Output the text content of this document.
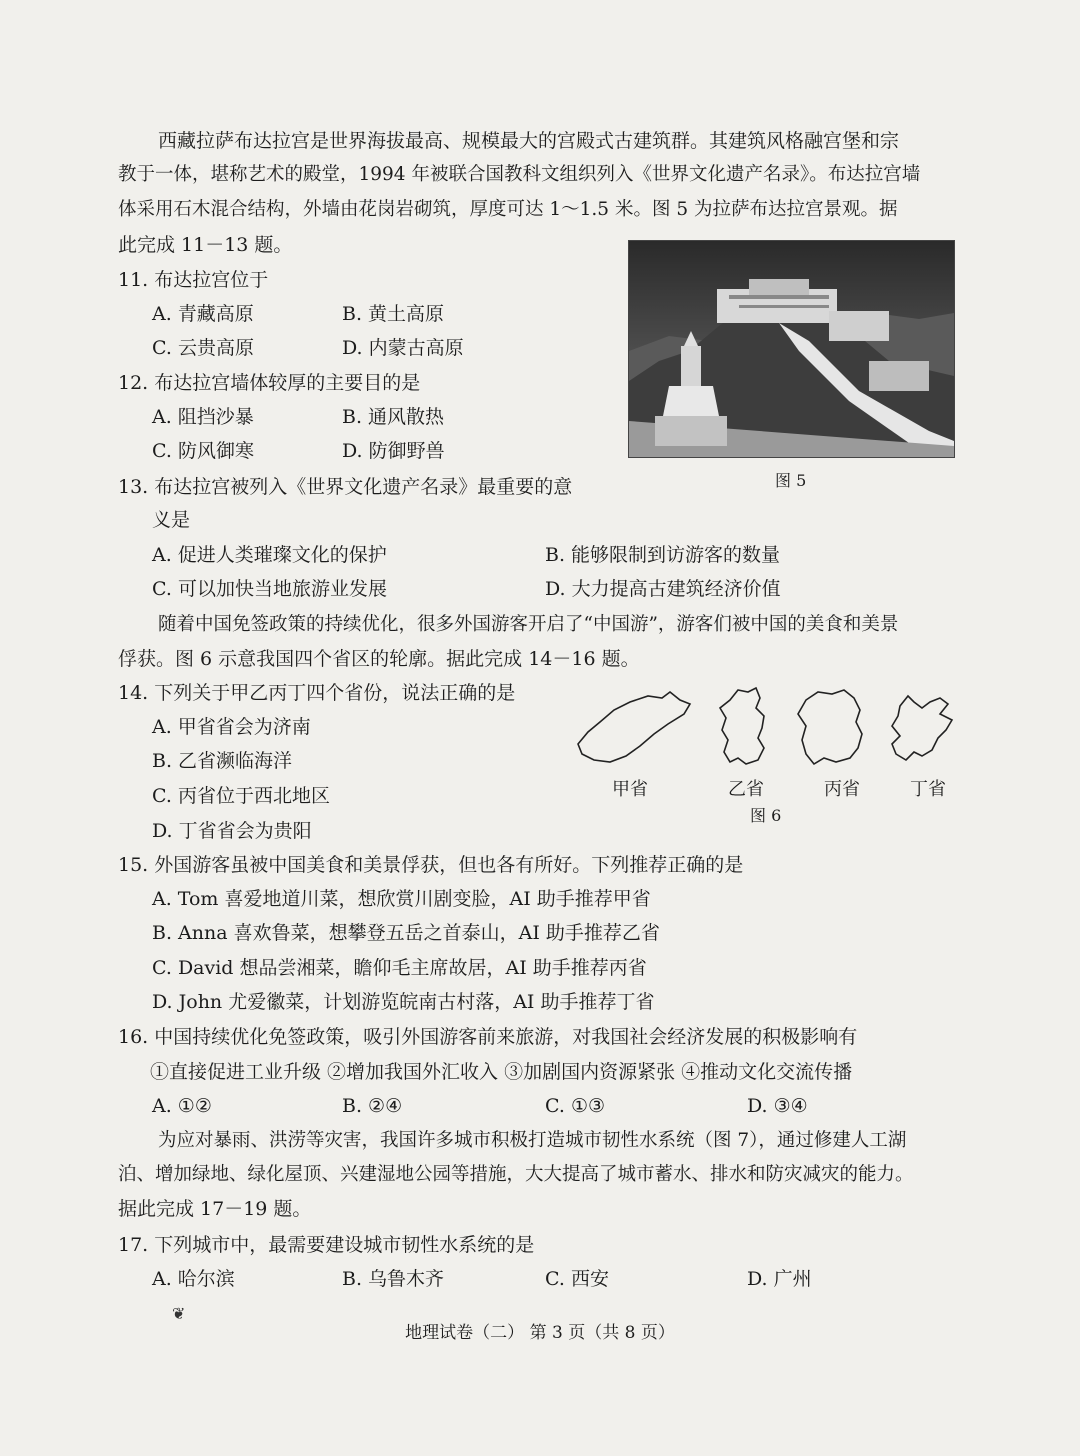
西藏拉萨布达拉宫是世界海拔最高、规模最大的宫殿式古建筑群。其建筑风格融宫堡和宗
教于一体，堪称艺术的殿堂，1994 年被联合国教科文组织列入《世界文化遗产名录》。布达拉宫墙
体采用石木混合结构，外墙由花岗岩砌筑，厚度可达 1～1.5 米。图 5 为拉萨布达拉宫景观。据
此完成 11－13 题。
图 5
11. 布达拉宫位于
A. 青藏高原	B. 黄土高原
C. 云贵高原	D. 内蒙古高原
12. 布达拉宫墙体较厚的主要目的是
A. 阻挡沙暴	B. 通风散热
C. 防风御寒	D. 防御野兽
13. 布达拉宫被列入《世界文化遗产名录》最重要的意
义是
A. 促进人类璀璨文化的保护	B. 能够限制到访游客的数量
C. 可以加快当地旅游业发展	D. 大力提高古建筑经济价值
随着中国免签政策的持续优化，很多外国游客开启了“中国游”，游客们被中国的美食和美景
俘获。图 6 示意我国四个省区的轮廓。据此完成 14－16 题。
14. 下列关于甲乙丙丁四个省份，说法正确的是
A. 甲省省会为济南
B. 乙省濒临海洋
C. 丙省位于西北地区
D. 丁省省会为贵阳
甲省	乙省	丙省	丁省
图 6
15. 外国游客虽被中国美食和美景俘获，但也各有所好。下列推荐正确的是
A. Tom 喜爱地道川菜，想欣赏川剧变脸，AI 助手推荐甲省
B. Anna 喜欢鲁菜，想攀登五岳之首泰山，AI 助手推荐乙省
C. David 想品尝湘菜，瞻仰毛主席故居，AI 助手推荐丙省
D. John 尤爱徽菜，计划游览皖南古村落，AI 助手推荐丁省
16. 中国持续优化免签政策，吸引外国游客前来旅游，对我国社会经济发展的积极影响有
①直接促进工业升级 ②增加我国外汇收入 ③加剧国内资源紧张 ④推动文化交流传播
A. ①②	B. ②④	C. ①③	D. ③④
为应对暴雨、洪涝等灾害，我国许多城市积极打造城市韧性水系统（图 7），通过修建人工湖
泊、增加绿地、绿化屋顶、兴建湿地公园等措施，大大提高了城市蓄水、排水和防灾减灾的能力。
据此完成 17－19 题。
17. 下列城市中，最需要建设城市韧性水系统的是
A. 哈尔滨	B. 乌鲁木齐	C. 西安	D. 广州
❦
地理试卷（二） 第 3 页（共 8 页）
